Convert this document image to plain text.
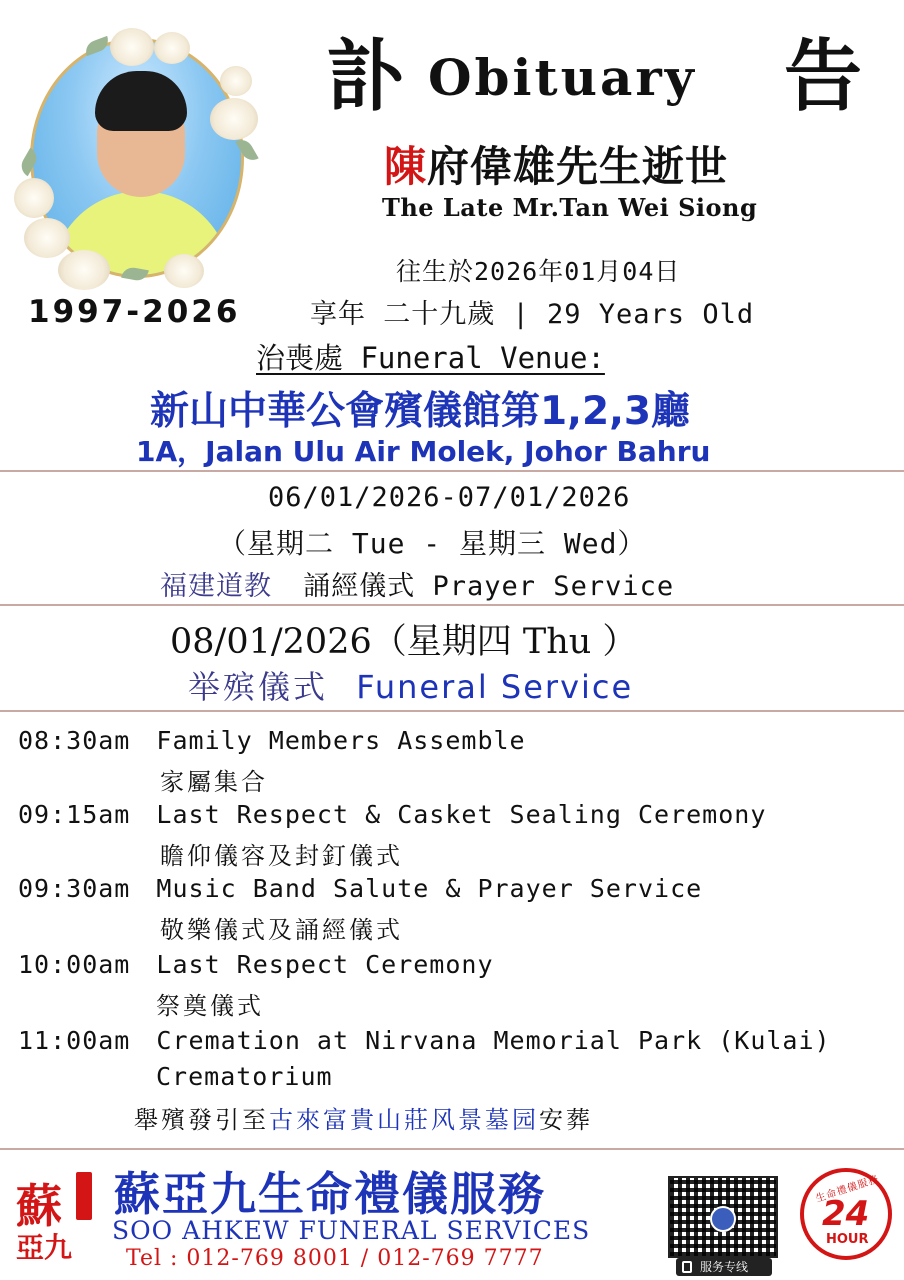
1997-2026
訃 Obituary 告
陳府偉雄先生逝世
The Late Mr.Tan Wei Siong
往生於2026年01月04日
享年 二十九歲 | 29 Years Old
治喪處 Funeral Venue:
新山中華公會殯儀館第1,2,3廳
1A，Jalan Ulu Air Molek, Johor Bahru
06/01/2026-07/01/2026
（星期二 Tue - 星期三 Wed）
福建道教 誦經儀式 Prayer Service
08/01/2026（星期四 Thu ）
举殡儀式 Funeral Service
08:30am Family Members Assemble
家屬集合
09:15am Last Respect & Casket Sealing Ceremony
瞻仰儀容及封釘儀式
09:30am Music Band Salute & Prayer Service
敬樂儀式及誦經儀式
10:00am Last Respect Ceremony
祭奠儀式
11:00am Cremation at Nirvana Memorial Park (Kulai)
Crematorium
舉殯發引至古來富貴山莊风景墓园安葬
蘇
亞九
蘇亞九生命禮儀服務
SOO AHKEW FUNERAL SERVICES
Tel : 012-769 8001 / 012-769 7777	服务专线
生命禮儀服務
24
HOUR
